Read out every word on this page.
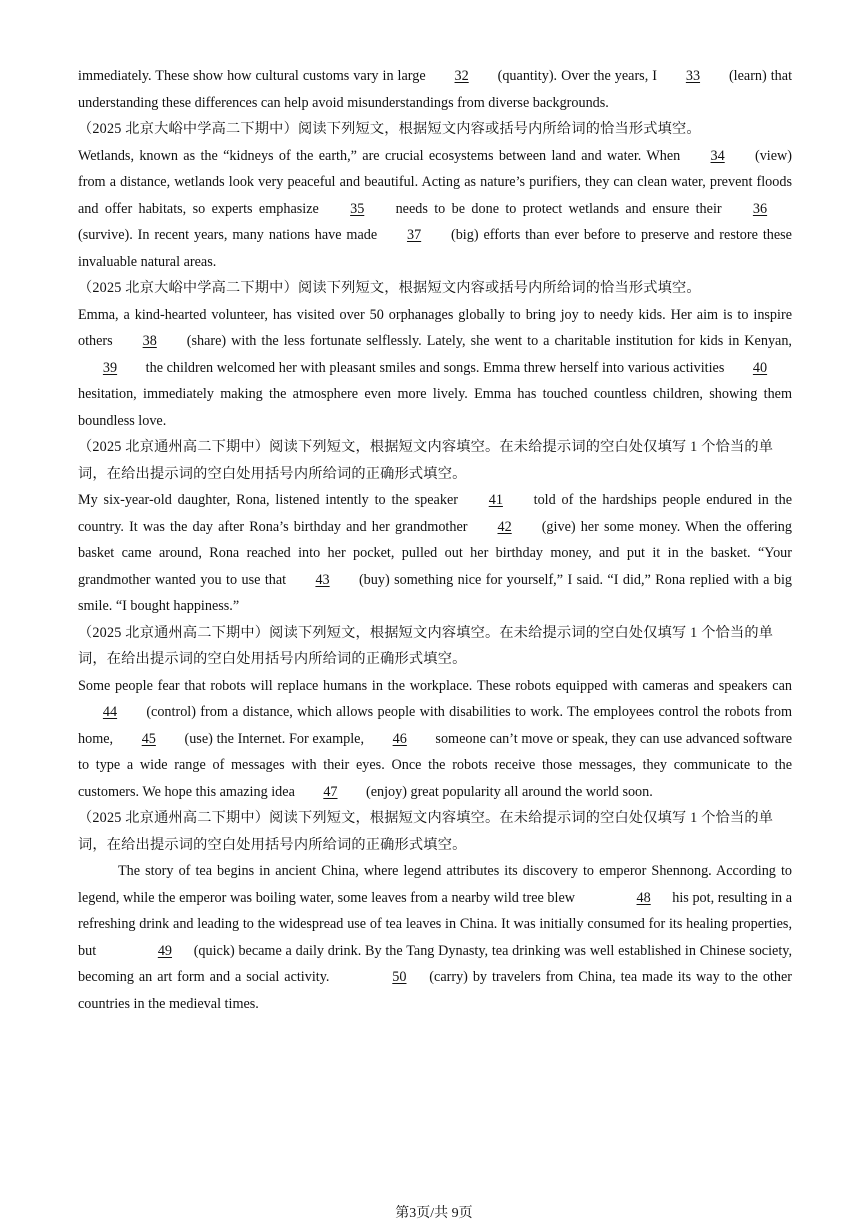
immediately. These show how cultural customs vary in large 32 (quantity). Over the years, I 33 (learn) that understanding these differences can help avoid misunderstandings from diverse backgrounds.

（2025 北京大峪中学高二下期中）阅读下列短文，根据短文内容或括号内所给词的恰当形式填空。

Wetlands, known as the “kidneys of the earth,” are crucial ecosystems between land and water. When 34 (view) from a distance, wetlands look very peaceful and beautiful. Acting as nature’s purifiers, they can clean water, prevent floods and offer habitats, so experts emphasize 35 needs to be done to protect wetlands and ensure their 36 (survive). In recent years, many nations have made 37 (big) efforts than ever before to preserve and restore these invaluable natural areas.

（2025 北京大峪中学高二下期中）阅读下列短文，根据短文内容或括号内所给词的恰当形式填空。

Emma, a kind-hearted volunteer, has visited over 50 orphanages globally to bring joy to needy kids. Her aim is to inspire others 38 (share) with the less fortunate selflessly. Lately, she went to a charitable institution for kids in Kenyan, 39 the children welcomed her with pleasant smiles and songs. Emma threw herself into various activities 40 hesitation, immediately making the atmosphere even more lively. Emma has touched countless children, showing them boundless love.

（2025 北京通州高二下期中）阅读下列短文，根据短文内容填空。在未给提示词的空白处仅填写 1 个恰当的单词，在给出提示词的空白处用括号内所给词的正确形式填空。

My six-year-old daughter, Rona, listened intently to the speaker 41 told of the hardships people endured in the country. It was the day after Rona’s birthday and her grandmother 42 (give) her some money. When the offering basket came around, Rona reached into her pocket, pulled out her birthday money, and put it in the basket. “Your grandmother wanted you to use that 43 (buy) something nice for yourself,” I said. “I did,” Rona replied with a big smile. “I bought happiness.”

（2025 北京通州高二下期中）阅读下列短文，根据短文内容填空。在未给提示词的空白处仅填写 1 个恰当的单词，在给出提示词的空白处用括号内所给词的正确形式填空。

Some people fear that robots will replace humans in the workplace. These robots equipped with cameras and speakers can 44 (control) from a distance, which allows people with disabilities to work. The employees control the robots from home, 45 (use) the Internet. For example, 46 someone can’t move or speak, they can use advanced software to type a wide range of messages with their eyes. Once the robots receive those messages, they communicate to the customers. We hope this amazing idea 47 (enjoy) great popularity all around the world soon.

（2025 北京通州高二下期中）阅读下列短文，根据短文内容填空。在未给提示词的空白处仅填写 1 个恰当的单词，在给出提示词的空白处用括号内所给词的正确形式填空。

The story of tea begins in ancient China, where legend attributes its discovery to emperor Shennong. According to legend, while the emperor was boiling water, some leaves from a nearby wild tree blew	48 his pot, resulting in a refreshing drink and leading to the widespread use of tea leaves in China. It was initially consumed for its healing properties, but	49 (quick) became a daily drink. By the Tang Dynasty, tea drinking was well established in Chinese society, becoming an art form and a social activity.	50 (carry) by travelers from China, tea made its way to the other countries in the medieval times.

第3页/共 9页
